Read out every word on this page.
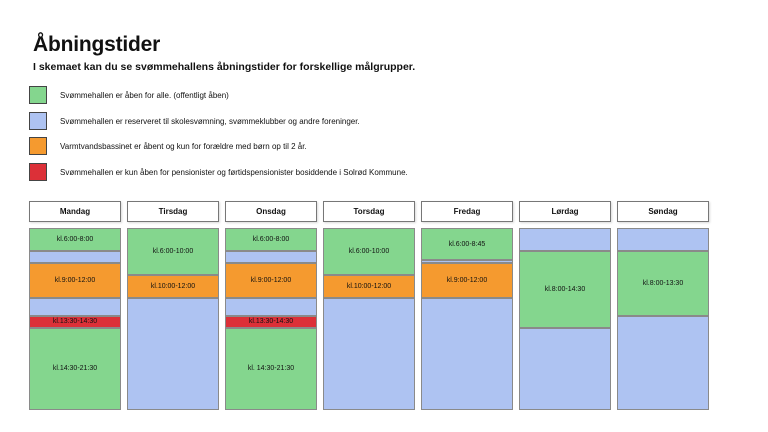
Åbningstider
I skemaet kan du se svømmehallens åbningstider for forskellige målgrupper.
Svømmehallen er åben for alle. (offentligt åben)
Svømmehallen er reserveret til skolesvømning, svømmeklubber og andre foreninger.
Varmtvandsbassinet er åbent og kun for forældre med børn op til 2 år.
Svømmehallen er kun åben for pensionister og førtidspensionister bosiddende i Solrød Kommune.
Mandag
kl.6:00-8:00
kl.9:00-12:00
kl.13:30-14:30
kl.14:30-21:30
Tirsdag
kl.6:00-10:00
kl.10:00-12:00
Onsdag
kl.6:00-8:00
kl.9:00-12:00
kl.13:30-14:30
kl. 14:30-21:30
Torsdag
kl.6:00-10:00
kl.10:00-12:00
Fredag
kl.6:00-8:45
kl.9:00-12:00
Lørdag
kl.8:00-14:30
Søndag
kl.8:00-13:30
